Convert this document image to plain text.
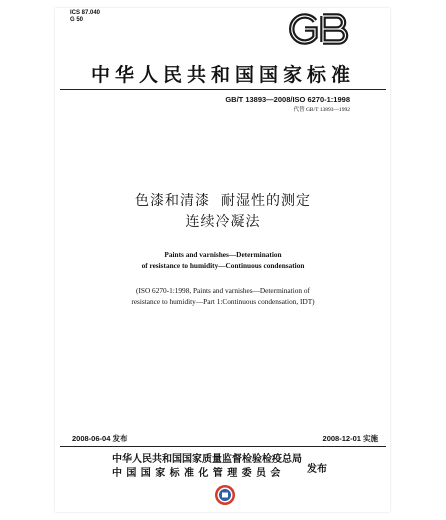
ICS 87.040
G 50
中华人民共和国国家标准
GB/T 13893—2008/ISO 6270-1:1998
代替 GB/T 13893—1992
色漆和清漆  耐湿性的测定
连续冷凝法
Paints and varnishes—Determination
of resistance to humidity—Continuous condensation
(ISO 6270-1:1998, Paints and varnishes—Determination of
resistance to humidity—Part 1:Continuous condensation, IDT)
2008-06-04 发布	2008-12-01 实施
中华人民共和国国家质量监督检验检疫总局
中国国家标准化管理委员会	发布
